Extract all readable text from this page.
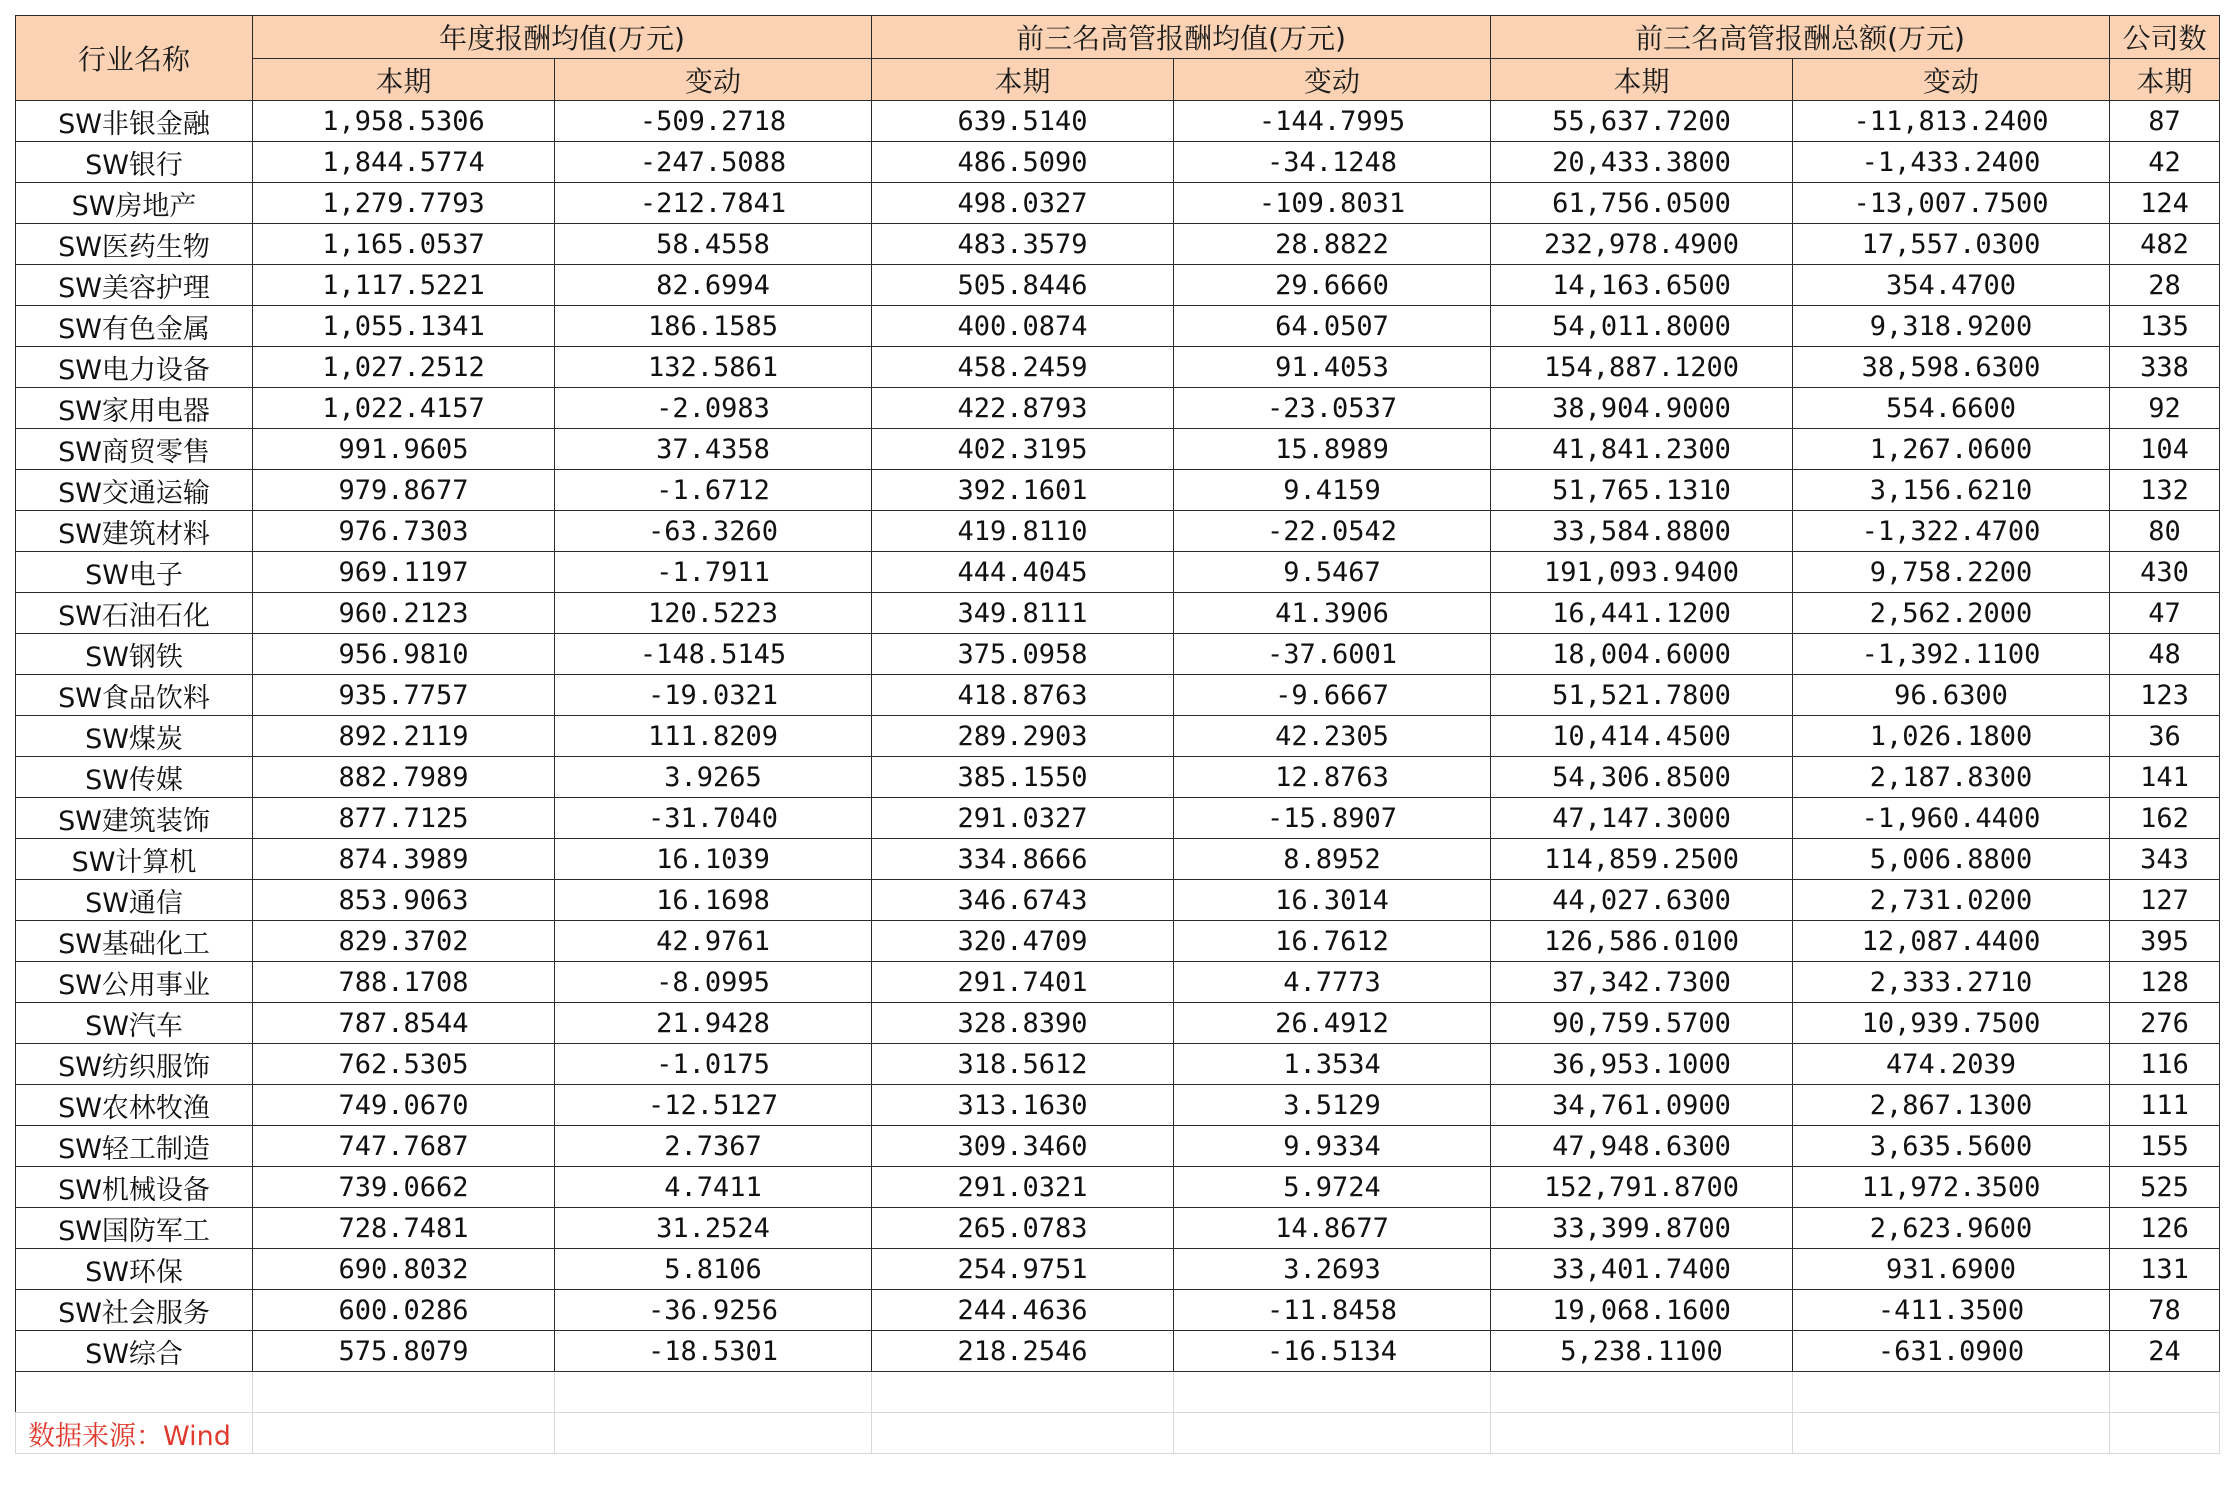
行业名称	年度报酬均值(万元)		前三名高管报酬均值(万元)		前三名高管报酬总额(万元)		公司数
	本期	变动	本期	变动	本期	变动	本期
SW非银金融	1,958.5306	-509.2718	639.5140	-144.7995	55,637.7200	-11,813.2400	87
SW银行	1,844.5774	-247.5088	486.5090	-34.1248	20,433.3800	-1,433.2400	42
SW房地产	1,279.7793	-212.7841	498.0327	-109.8031	61,756.0500	-13,007.7500	124
SW医药生物	1,165.0537	58.4558	483.3579	28.8822	232,978.4900	17,557.0300	482
SW美容护理	1,117.5221	82.6994	505.8446	29.6660	14,163.6500	354.4700	28
SW有色金属	1,055.1341	186.1585	400.0874	64.0507	54,011.8000	9,318.9200	135
SW电力设备	1,027.2512	132.5861	458.2459	91.4053	154,887.1200	38,598.6300	338
SW家用电器	1,022.4157	-2.0983	422.8793	-23.0537	38,904.9000	554.6600	92
SW商贸零售	991.9605	37.4358	402.3195	15.8989	41,841.2300	1,267.0600	104
SW交通运输	979.8677	-1.6712	392.1601	9.4159	51,765.1310	3,156.6210	132
SW建筑材料	976.7303	-63.3260	419.8110	-22.0542	33,584.8800	-1,322.4700	80
SW电子	969.1197	-1.7911	444.4045	9.5467	191,093.9400	9,758.2200	430
SW石油石化	960.2123	120.5223	349.8111	41.3906	16,441.1200	2,562.2000	47
SW钢铁	956.9810	-148.5145	375.0958	-37.6001	18,004.6000	-1,392.1100	48
SW食品饮料	935.7757	-19.0321	418.8763	-9.6667	51,521.7800	96.6300	123
SW煤炭	892.2119	111.8209	289.2903	42.2305	10,414.4500	1,026.1800	36
SW传媒	882.7989	3.9265	385.1550	12.8763	54,306.8500	2,187.8300	141
SW建筑装饰	877.7125	-31.7040	291.0327	-15.8907	47,147.3000	-1,960.4400	162
SW计算机	874.3989	16.1039	334.8666	8.8952	114,859.2500	5,006.8800	343
SW通信	853.9063	16.1698	346.6743	16.3014	44,027.6300	2,731.0200	127
SW基础化工	829.3702	42.9761	320.4709	16.7612	126,586.0100	12,087.4400	395
SW公用事业	788.1708	-8.0995	291.7401	4.7773	37,342.7300	2,333.2710	128
SW汽车	787.8544	21.9428	328.8390	26.4912	90,759.5700	10,939.7500	276
SW纺织服饰	762.5305	-1.0175	318.5612	1.3534	36,953.1000	474.2039	116
SW农林牧渔	749.0670	-12.5127	313.1630	3.5129	34,761.0900	2,867.1300	111
SW轻工制造	747.7687	2.7367	309.3460	9.9334	47,948.6300	3,635.5600	155
SW机械设备	739.0662	4.7411	291.0321	5.9724	152,791.8700	11,972.3500	525
SW国防军工	728.7481	31.2524	265.0783	14.8677	33,399.8700	2,623.9600	126
SW环保	690.8032	5.8106	254.9751	3.2693	33,401.7400	931.6900	131
SW社会服务	600.0286	-36.9256	244.4636	-11.8458	19,068.1600	-411.3500	78
SW综合	575.8079	-18.5301	218.2546	-16.5134	5,238.1100	-631.0900	24

数据来源：Wind							
